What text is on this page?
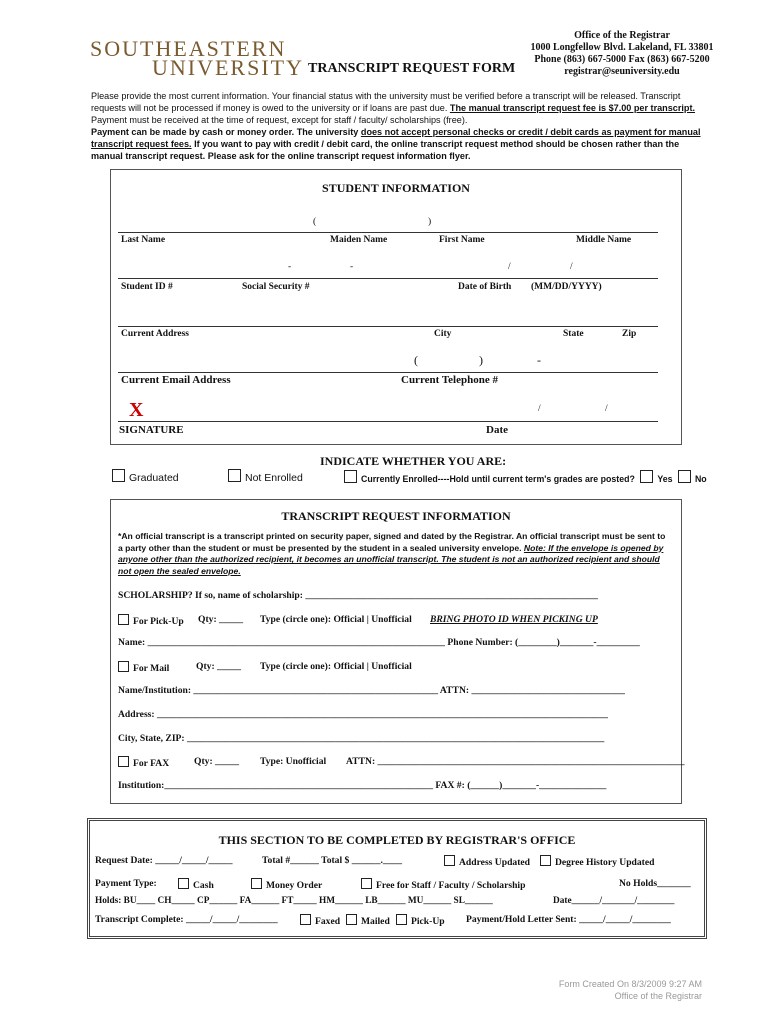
SOUTHEASTERN
UNIVERSITY TRANSCRIPT REQUEST FORM
Office of the Registrar
1000 Longfellow Blvd. Lakeland, FL 33801
Phone (863) 667-5000 Fax (863) 667-5200
registrar@seuniversity.edu
Please provide the most current information. Your financial status with the university must be verified before a transcript will be released. Transcript requests will not be processed if money is owed to the university or if loans are past due. The manual transcript request fee is $7.00 per transcript. Payment must be received at the time of request, except for staff / faculty/ scholarships (free).
Payment can be made by cash or money order. The university does not accept personal checks or credit / debit cards as payment for manual transcript request fees. If you want to pay with credit / debit card, the online transcript request method should be chosen rather than the manual transcript request. Please ask for the online transcript request information flyer.
STUDENT INFORMATION
(	)
Last Name	Maiden Name	First Name	Middle Name
-	-	/	/
Student ID #	Social Security #	Date of Birth (MM/DD/YYYY)
Current Address	City	State	Zip
(	)	-
Current Email Address	Current Telephone #
X	/	/
SIGNATURE	Date
INDICATE WHETHER YOU ARE:
Graduated	Not Enrolled	Currently Enrolled----Hold until current term's grades are posted?	Yes	No
TRANSCRIPT REQUEST INFORMATION
*An official transcript is a transcript printed on security paper, signed and dated by the Registrar. An official transcript must be sent to a party other than the student or must be presented by the student in a sealed university envelope. Note: If the envelope is opened by anyone other than the authorized recipient, it becomes an unofficial transcript. The student is not an authorized recipient and should not open the sealed envelope.
SCHOLARSHIP? If so, name of scholarship: _____________________________________________________________
For Pick-Up Qty: _____ Type (circle one): Official | Unofficial BRING PHOTO ID WHEN PICKING UP
Name: ______________________________________________________________ Phone Number: (________)_______-_________
For Mail	Qty: _____ Type (circle one): Official | Unofficial
Name/Institution: ___________________________________________________ ATTN: ________________________________
Address: ______________________________________________________________________________________________
City, State, ZIP: _______________________________________________________________________________________
For FAX	Qty: _____ Type: Unofficial ATTN: ________________________________________________________________
Institution:________________________________________________________ FAX #: (______)_______-______________
THIS SECTION TO BE COMPLETED BY REGISTRAR'S OFFICE
Request Date: _____/_____/_____	Total #______ Total $ ______.____	Address Updated	Degree History Updated
Payment Type:	Cash	Money Order	Free for Staff / Faculty / Scholarship	No Holds_______
Holds: BU____ CH_____ CP______ FA______ FT_____ HM______ LB______ MU______ SL______	Date______/_______/________
Transcript Complete: _____/_____/________	Faxed	Mailed	Pick-Up Payment/Hold Letter Sent: _____/_____/________
Form Created On 8/3/2009 9:27 AM
Office of the Registrar
